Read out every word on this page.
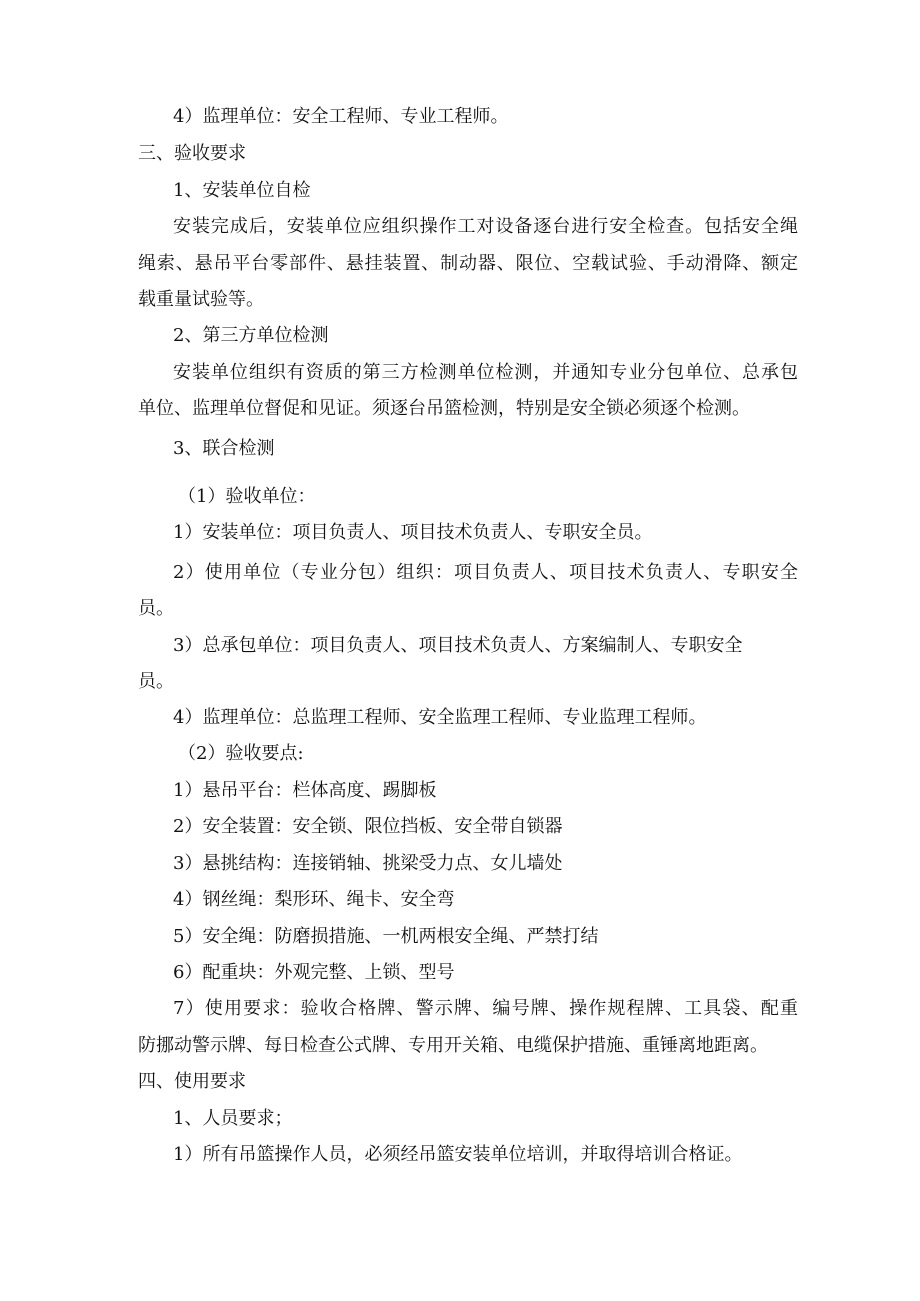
4）监理单位：安全工程师、专业工程师。
三、验收要求
1、安装单位自检
安装完成后，安装单位应组织操作工对设备逐台进行安全检查。包括安全绳
绳索、悬吊平台零部件、悬挂装置、制动器、限位、空载试验、手动滑降、额定
载重量试验等。
2、第三方单位检测
安装单位组织有资质的第三方检测单位检测，并通知专业分包单位、总承包
单位、监理单位督促和见证。须逐台吊篮检测，特别是安全锁必须逐个检测。
3、联合检测
（1）验收单位：
1）安装单位：项目负责人、项目技术负责人、专职安全员。
2）使用单位（专业分包）组织：项目负责人、项目技术负责人、专职安全
员。
3）总承包单位：项目负责人、项目技术负责人、方案编制人、专职安全
员。
4）监理单位：总监理工程师、安全监理工程师、专业监理工程师。
（2）验收要点:
1）悬吊平台：栏体高度、踢脚板
2）安全装置：安全锁、限位挡板、安全带自锁器
3）悬挑结构：连接销轴、挑梁受力点、女儿墙处
4）钢丝绳：梨形环、绳卡、安全弯
5）安全绳：防磨损措施、一机两根安全绳、严禁打结
6）配重块：外观完整、上锁、型号
7）使用要求：验收合格牌、警示牌、编号牌、操作规程牌、工具袋、配重
防挪动警示牌、每日检查公式牌、专用开关箱、电缆保护措施、重锤离地距离。
四、使用要求
1、人员要求；
1）所有吊篮操作人员，必须经吊篮安装单位培训，并取得培训合格证。
